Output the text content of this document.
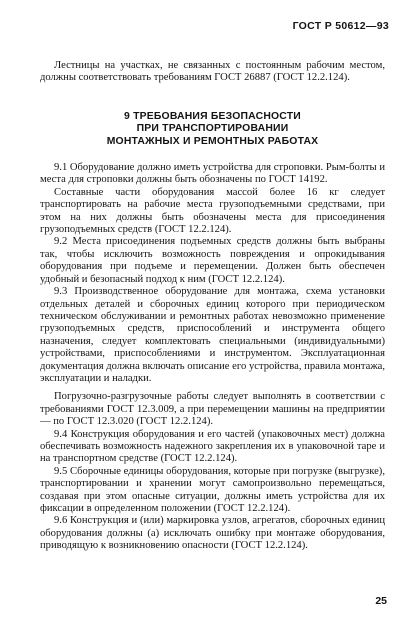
ГОСТ Р 50612—93

Лестницы на участках, не связанных с постоянным рабочим местом, должны соответствовать требованиям ГОСТ 26887 (ГОСТ 12.2.124).

9 ТРЕБОВАНИЯ БЕЗОПАСНОСТИ
ПРИ ТРАНСПОРТИРОВАНИИ
МОНТАЖНЫХ И РЕМОНТНЫХ РАБОТАХ

9.1 Оборудование должно иметь устройства для строповки. Рым-болты и места для строповки должны быть обозначены по ГОСТ 14192.

Составные части оборудования массой более 16 кг следует транспортировать на рабочие места грузоподъемными средствами, при этом на них должны быть обозначены места для присоединения грузоподъемных средств (ГОСТ 12.2.124).

9.2 Места присоединения подъемных средств должны быть выбраны так, чтобы исключить возможность повреждения и опрокидывания оборудования при подъеме и перемещении. Должен быть обеспечен удобный и безопасный подход к ним (ГОСТ 12.2.124).

9.3 Производственное оборудование для монтажа, схема установки отдельных деталей и сборочных единиц которого при периодическом техническом обслуживании и ремонтных работах невозможно применение грузоподъемных средств, приспособлений и инструмента общего назначения, следует комплектовать специальными (индивидуальными) устройствами, приспособлениями и инструментом. Эксплуатационная документация должна включать описание его устройства, правила монтажа, эксплуатации и наладки.

Погрузочно-разгрузочные работы следует выполнять в соответствии с требованиями ГОСТ 12.3.009, а при перемещении машины на предприятии — по ГОСТ 12.3.020 (ГОСТ 12.2.124).

9.4 Конструкция оборудования и его частей (упаковочных мест) должна обеспечивать возможность надежного закрепления их в упаковочной таре и на транспортном средстве (ГОСТ 12.2.124).

9.5 Сборочные единицы оборудования, которые при погрузке (выгрузке), транспортировании и хранении могут самопроизвольно перемещаться, создавая при этом опасные ситуации, должны иметь устройства для их фиксации в определенном положении (ГОСТ 12.2.124).

9.6 Конструкция и (или) маркировка узлов, агрегатов, сборочных единиц оборудования должны (а) исключать ошибку при монтаже оборудования, приводящую к возникновению опасности (ГОСТ 12.2.124).

25
